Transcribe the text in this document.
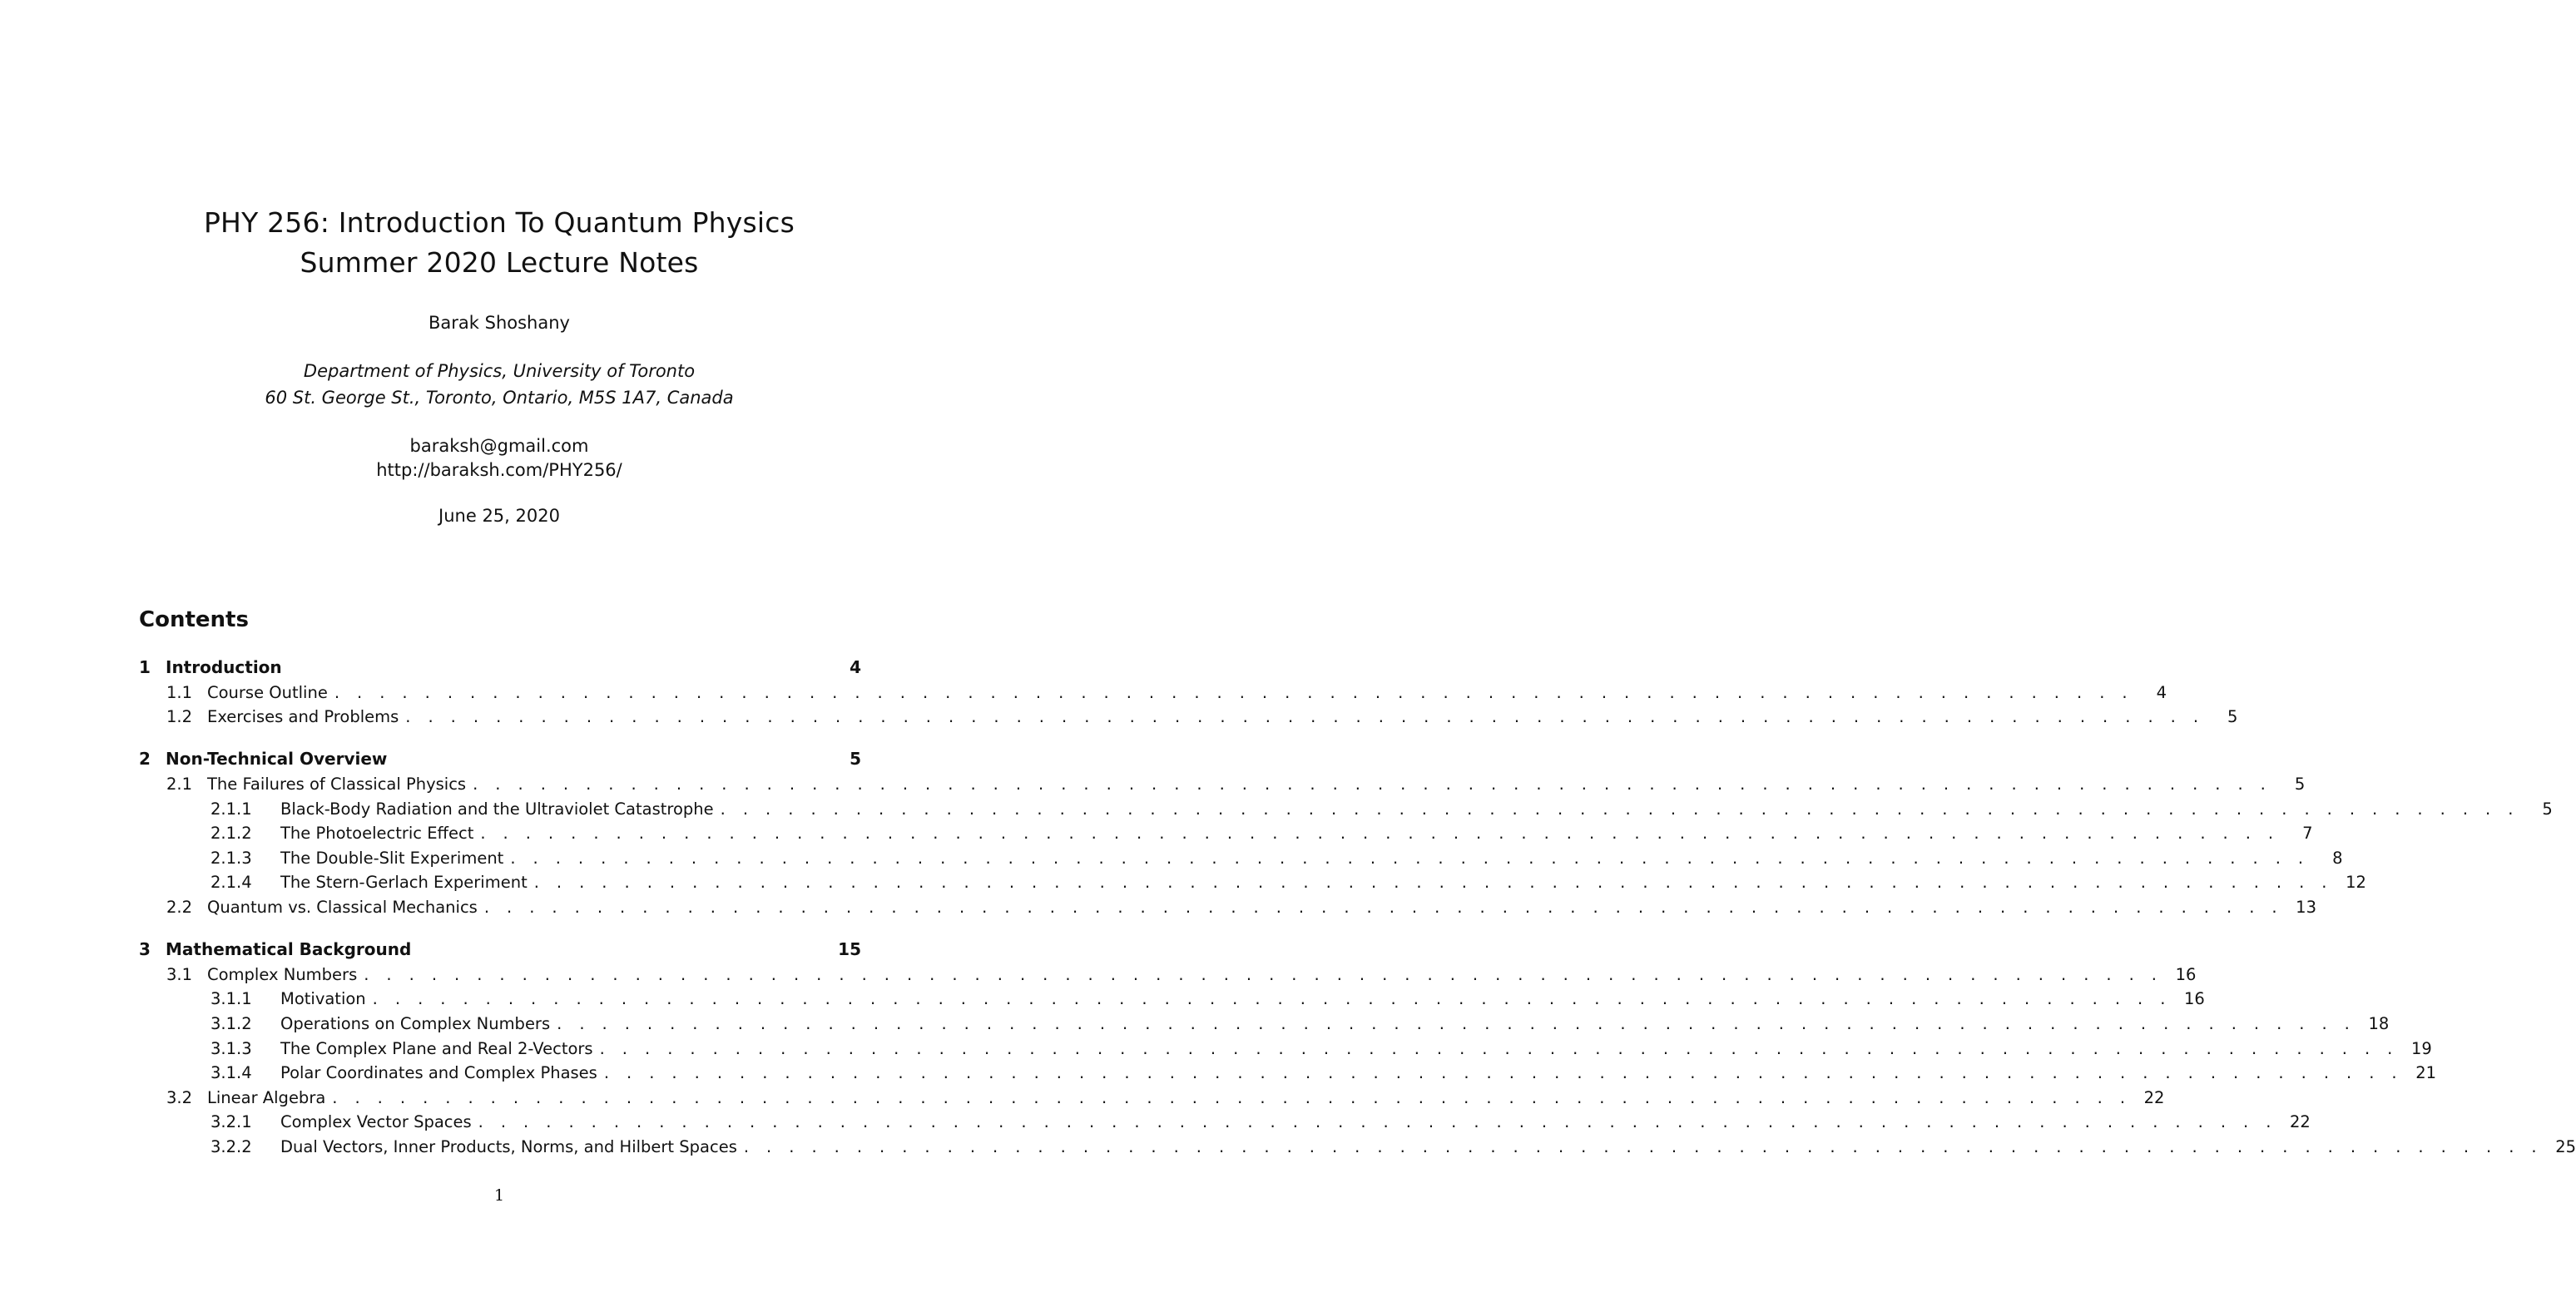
PHY 256: Introduction To Quantum Physics
Summer 2020 Lecture Notes
Barak Shoshany
Department of Physics, University of Toronto
60 St. George St., Toronto, Ontario, M5S 1A7, Canada
baraksh@gmail.com
http://baraksh.com/PHY256/
June 25, 2020
Contents
1 Introduction	4
1.1 Course Outline . . . . . . . . . . . . . . . . . . . . . . . . . . . . . . . . . . . . . . . . . . . . . . . . . . . . . . . . . . . . . . . . . . . . . . . . . . . . . . . .	4
1.2 Exercises and Problems . . . . . . . . . . . . . . . . . . . . . . . . . . . . . . . . . . . . . . . . . . . . . . . . . . . . . . . . . . . . . . . . . . . . . . . . . . . . . . . .	5
2 Non-Technical Overview	5
2.1 The Failures of Classical Physics . . . . . . . . . . . . . . . . . . . . . . . . . . . . . . . . . . . . . . . . . . . . . . . . . . . . . . . . . . . . . . . . . . . . . . . . . . . . . . . .	5
2.1.1	Black-Body Radiation and the Ultraviolet Catastrophe . . . . . . . . . . . . . . . . . . . . . . . . . . . . . . . . . . . . . . . . . . . . . . . . . . . . . . . . . . . . . . . . . . . . . . . . . . . . . . . .	5
2.1.2	The Photoelectric Effect . . . . . . . . . . . . . . . . . . . . . . . . . . . . . . . . . . . . . . . . . . . . . . . . . . . . . . . . . . . . . . . . . . . . . . . . . . . . . . . .	7
2.1.3	The Double-Slit Experiment . . . . . . . . . . . . . . . . . . . . . . . . . . . . . . . . . . . . . . . . . . . . . . . . . . . . . . . . . . . . . . . . . . . . . . . . . . . . . . . .	8
2.1.4	The Stern-Gerlach Experiment . . . . . . . . . . . . . . . . . . . . . . . . . . . . . . . . . . . . . . . . . . . . . . . . . . . . . . . . . . . . . . . . . . . . . . . . . . . . . . . . 12
2.2 Quantum vs. Classical Mechanics . . . . . . . . . . . . . . . . . . . . . . . . . . . . . . . . . . . . . . . . . . . . . . . . . . . . . . . . . . . . . . . . . . . . . . . . . . . . . . . . 13
3 Mathematical Background	15
3.1 Complex Numbers . . . . . . . . . . . . . . . . . . . . . . . . . . . . . . . . . . . . . . . . . . . . . . . . . . . . . . . . . . . . . . . . . . . . . . . . . . . . . . . . 16
3.1.1	Motivation . . . . . . . . . . . . . . . . . . . . . . . . . . . . . . . . . . . . . . . . . . . . . . . . . . . . . . . . . . . . . . . . . . . . . . . . . . . . . . . . 16
3.1.2	Operations on Complex Numbers . . . . . . . . . . . . . . . . . . . . . . . . . . . . . . . . . . . . . . . . . . . . . . . . . . . . . . . . . . . . . . . . . . . . . . . . . . . . . . . . 18
3.1.3	The Complex Plane and Real 2-Vectors . . . . . . . . . . . . . . . . . . . . . . . . . . . . . . . . . . . . . . . . . . . . . . . . . . . . . . . . . . . . . . . . . . . . . . . . . . . . . . . . 19
3.1.4	Polar Coordinates and Complex Phases . . . . . . . . . . . . . . . . . . . . . . . . . . . . . . . . . . . . . . . . . . . . . . . . . . . . . . . . . . . . . . . . . . . . . . . . . . . . . . . . 21
3.2 Linear Algebra . . . . . . . . . . . . . . . . . . . . . . . . . . . . . . . . . . . . . . . . . . . . . . . . . . . . . . . . . . . . . . . . . . . . . . . . . . . . . . . . 22
3.2.1	Complex Vector Spaces . . . . . . . . . . . . . . . . . . . . . . . . . . . . . . . . . . . . . . . . . . . . . . . . . . . . . . . . . . . . . . . . . . . . . . . . . . . . . . . . 22
3.2.2	Dual Vectors, Inner Products, Norms, and Hilbert Spaces . . . . . . . . . . . . . . . . . . . . . . . . . . . . . . . . . . . . . . . . . . . . . . . . . . . . . . . . . . . . . . . . . . . . . . . . . . . . . . . . 25
1
